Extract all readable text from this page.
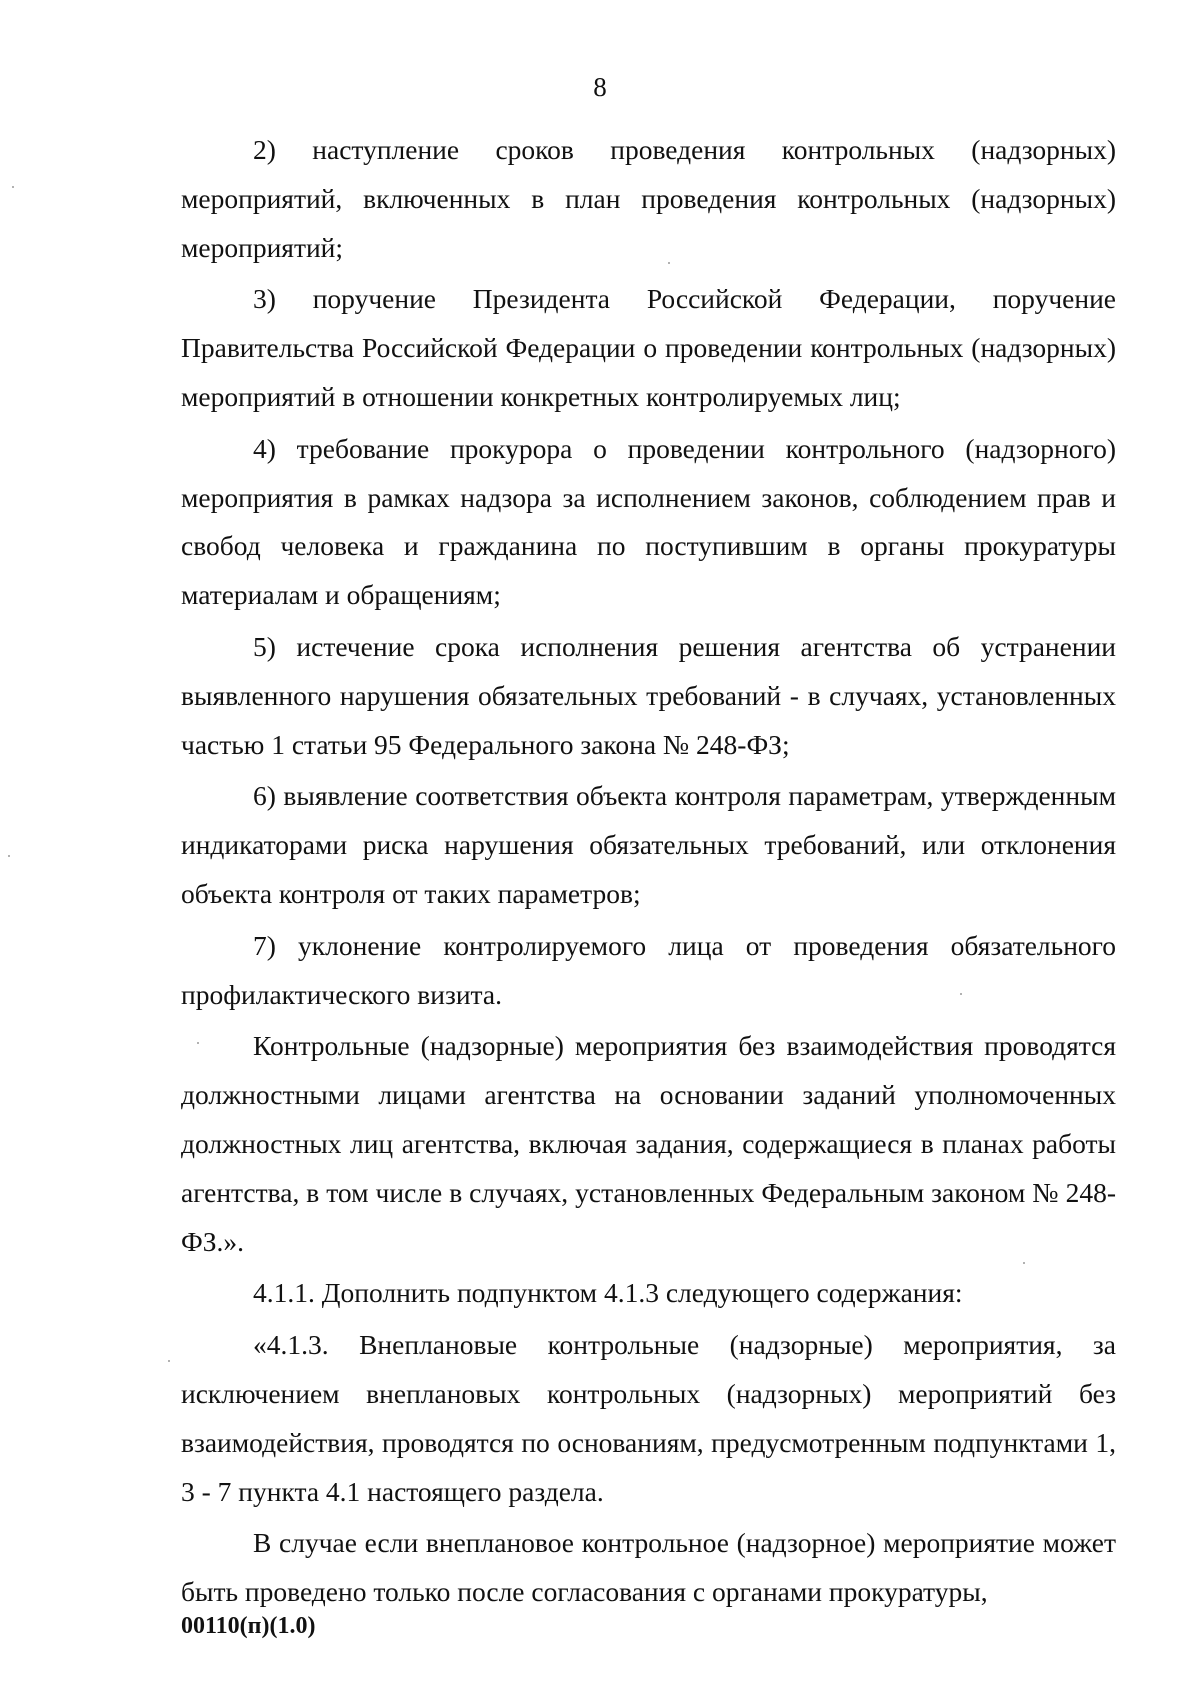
8

2) наступление сроков проведения контрольных (надзорных) мероприятий, включенных в план проведения контрольных (надзорных) мероприятий;

3) поручение Президента Российской Федерации, поручение Правительства Российской Федерации о проведении контрольных (надзорных) мероприятий в отношении конкретных контролируемых лиц;

4) требование прокурора о проведении контрольного (надзорного) мероприятия в рамках надзора за исполнением законов, соблюдением прав и свобод человека и гражданина по поступившим в органы прокуратуры материалам и обращениям;

5) истечение срока исполнения решения агентства об устранении выявленного нарушения обязательных требований - в случаях, установленных частью 1 статьи 95 Федерального закона № 248-ФЗ;

6) выявление соответствия объекта контроля параметрам, утвержденным индикаторами риска нарушения обязательных требований, или отклонения объекта контроля от таких параметров;

7) уклонение контролируемого лица от проведения обязательного профилактического визита.

Контрольные (надзорные) мероприятия без взаимодействия проводятся должностными лицами агентства на основании заданий уполномоченных должностных лиц агентства, включая задания, содержащиеся в планах работы агентства, в том числе в случаях, установленных Федеральным законом № 248-ФЗ.».

4.1.1. Дополнить подпунктом 4.1.3 следующего содержания:

«4.1.3. Внеплановые контрольные (надзорные) мероприятия, за исключением внеплановых контрольных (надзорных) мероприятий без взаимодействия, проводятся по основаниям, предусмотренным подпунктами 1, 3 - 7 пункта 4.1 настоящего раздела.

В случае если внеплановое контрольное (надзорное) мероприятие может быть проведено только после согласования с органами прокуратуры,

00110(п)(1.0)
